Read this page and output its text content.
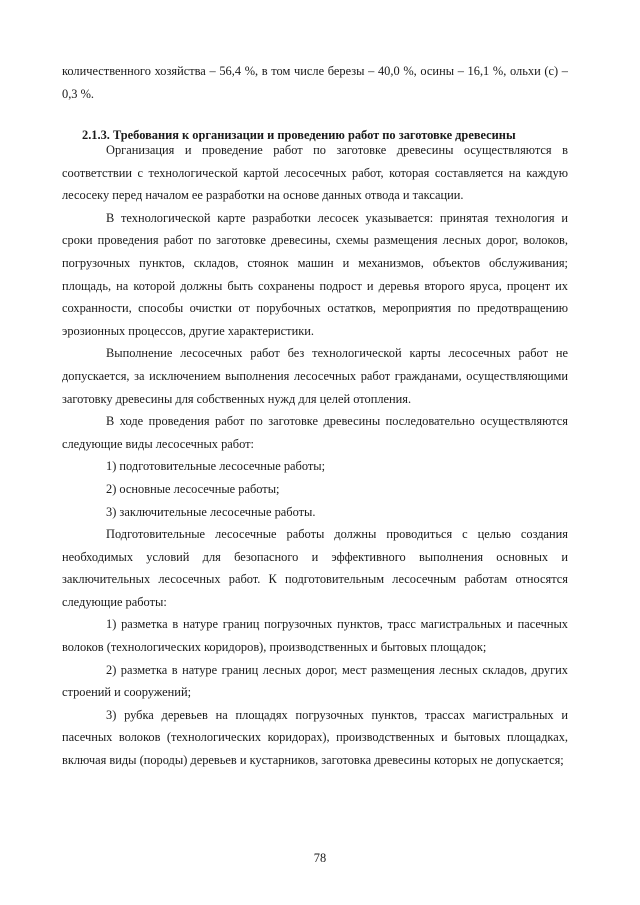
количественного хозяйства – 56,4 %, в том числе березы – 40,0 %, осины – 16,1 %, ольхи (с) – 0,3 %.

2.1.3. Требования к организации и проведению работ по заготовке древесины

Организация и проведение работ по заготовке древесины осуществляются в соответствии с технологической картой лесосечных работ, которая составляется на каждую лесосеку перед началом ее разработки на основе данных отвода и таксации.

В технологической карте разработки лесосек указывается: принятая технология и сроки проведения работ по заготовке древесины, схемы размещения лесных дорог, волоков, погрузочных пунктов, складов, стоянок машин и механизмов, объектов обслуживания; площадь, на которой должны быть сохранены подрост и деревья второго яруса, процент их сохранности, способы очистки от порубочных остатков, мероприятия по предотвращению эрозионных процессов, другие характеристики.

Выполнение лесосечных работ без технологической карты лесосечных работ не допускается, за исключением выполнения лесосечных работ гражданами, осуществляющими заготовку древесины для собственных нужд для целей отопления.

В ходе проведения работ по заготовке древесины последовательно осуществляются следующие виды лесосечных работ:

1) подготовительные лесосечные работы;

2) основные лесосечные работы;

3) заключительные лесосечные работы.

Подготовительные лесосечные работы должны проводиться с целью создания необходимых условий для безопасного и эффективного выполнения основных и заключительных лесосечных работ. К подготовительным лесосечным работам относятся следующие работы:

1) разметка в натуре границ погрузочных пунктов, трасс магистральных и пасечных волоков (технологических коридоров), производственных и бытовых площадок;

2) разметка в натуре границ лесных дорог, мест размещения лесных складов, других строений и сооружений;

3) рубка деревьев на площадях погрузочных пунктов, трассах магистральных и пасечных волоков (технологических коридорах), производственных и бытовых площадках, включая виды (породы) деревьев и кустарников, заготовка древесины которых не допускается;

78
